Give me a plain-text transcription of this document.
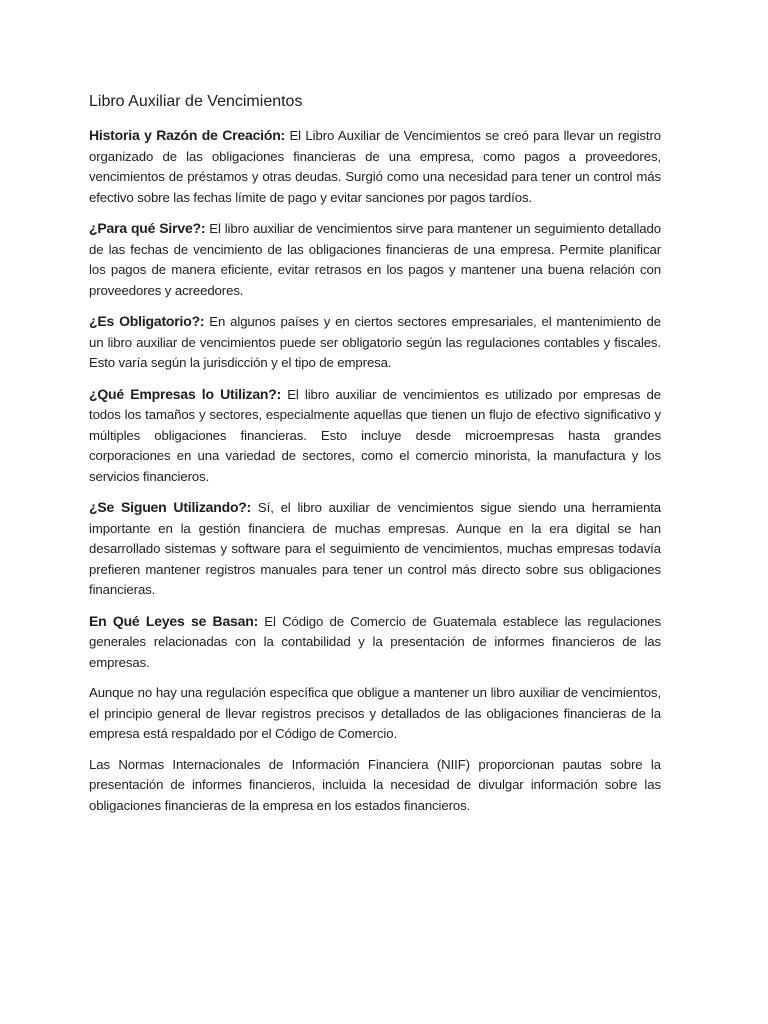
Libro Auxiliar de Vencimientos

Historia y Razón de Creación: El Libro Auxiliar de Vencimientos se creó para llevar un registro organizado de las obligaciones financieras de una empresa, como pagos a proveedores, vencimientos de préstamos y otras deudas. Surgió como una necesidad para tener un control más efectivo sobre las fechas límite de pago y evitar sanciones por pagos tardíos.

¿Para qué Sirve?: El libro auxiliar de vencimientos sirve para mantener un seguimiento detallado de las fechas de vencimiento de las obligaciones financieras de una empresa. Permite planificar los pagos de manera eficiente, evitar retrasos en los pagos y mantener una buena relación con proveedores y acreedores.

¿Es Obligatorio?: En algunos países y en ciertos sectores empresariales, el mantenimiento de un libro auxiliar de vencimientos puede ser obligatorio según las regulaciones contables y fiscales. Esto varía según la jurisdicción y el tipo de empresa.

¿Qué Empresas lo Utilizan?: El libro auxiliar de vencimientos es utilizado por empresas de todos los tamaños y sectores, especialmente aquellas que tienen un flujo de efectivo significativo y múltiples obligaciones financieras. Esto incluye desde microempresas hasta grandes corporaciones en una variedad de sectores, como el comercio minorista, la manufactura y los servicios financieros.

¿Se Siguen Utilizando?: Sí, el libro auxiliar de vencimientos sigue siendo una herramienta importante en la gestión financiera de muchas empresas. Aunque en la era digital se han desarrollado sistemas y software para el seguimiento de vencimientos, muchas empresas todavía prefieren mantener registros manuales para tener un control más directo sobre sus obligaciones financieras.

En Qué Leyes se Basan: El Código de Comercio de Guatemala establece las regulaciones generales relacionadas con la contabilidad y la presentación de informes financieros de las empresas.

Aunque no hay una regulación específica que obligue a mantener un libro auxiliar de vencimientos, el principio general de llevar registros precisos y detallados de las obligaciones financieras de la empresa está respaldado por el Código de Comercio.

Las Normas Internacionales de Información Financiera (NIIF) proporcionan pautas sobre la presentación de informes financieros, incluida la necesidad de divulgar información sobre las obligaciones financieras de la empresa en los estados financieros.
